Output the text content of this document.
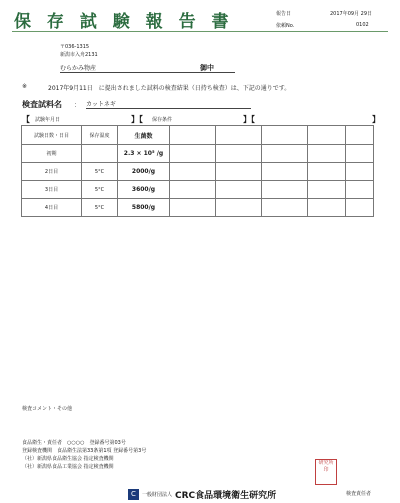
保 存 試 験 報 告 書	報告日	2017年09月 29日
依頼No.	0102
〒036-1315
新潟市入舟2131
むらかみ物産	御中
※	2017年9月11日　に提出されました試料の検査結果（日持ち検査）は、下記の通りです。
検査試料名 ： カットネギ
【 試験年月日	】【 保存条件	】【	】
試験日数・日目	保存温度	生菌数					
初期		2.3 × 10⁵ /g					
2日目	5°C	2000/g					
3日目	5°C	3600/g					
4日目	5°C	5800/g					
検査コメント・その他
食品衛生・責任者　○○○○　登録番号第03号
登録検査機関　食品衛生法第33条第1項 登録番号第3号
（社）新潟県食品衛生協会 指定検査機関
（社）新潟県食品工業協会 指定検査機関
C 一般財団法人 CRC食品環境衛生研究所
研究所 印
検査責任者
